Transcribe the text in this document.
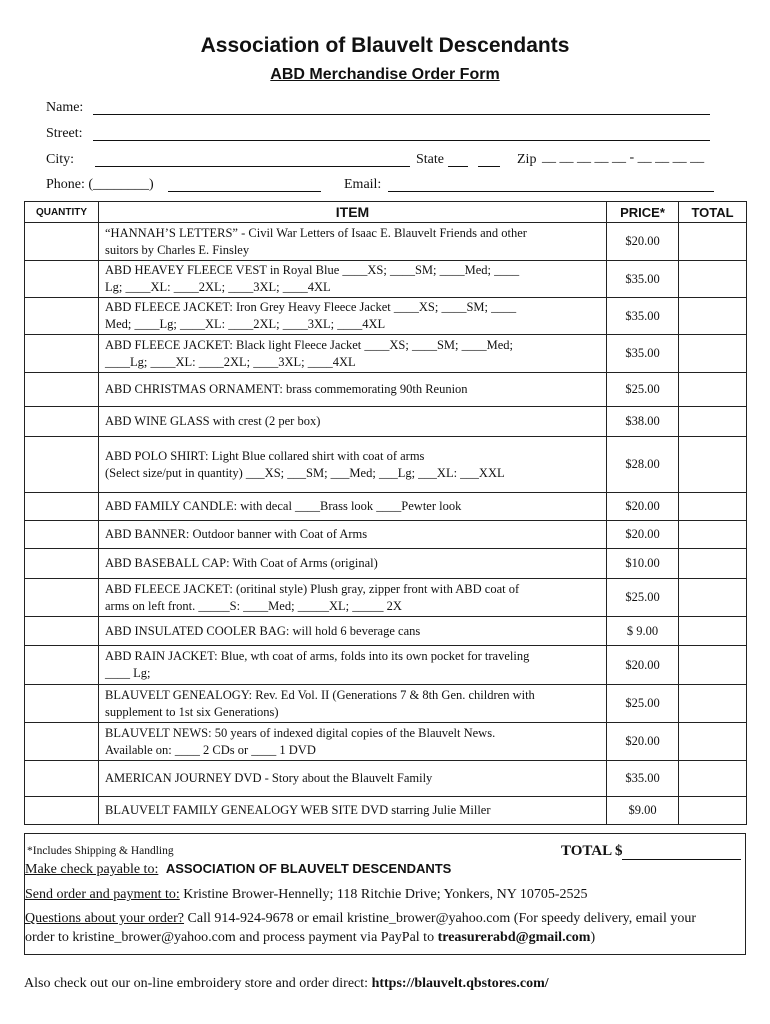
Association of Blauvelt Descendants
ABD Merchandise Order Form
Name:
Street:
City:	State	Zip __ __ __ __ __ - __ __ __ __
Phone: (________)	Email:
QUANTITY	ITEM	PRICE*	TOTAL
	“HANNAH’S LETTERS” - Civil War Letters of Isaac E. Blauvelt Friends and other
suitors by Charles E. Finsley	$20.00	
	ABD HEAVEY FLEECE VEST in Royal Blue ____XS; ____SM; ____Med; ____
Lg; ____XL: ____2XL; ____3XL; ____4XL	$35.00	
	ABD FLEECE JACKET: Iron Grey Heavy Fleece Jacket ____XS; ____SM; ____
Med; ____Lg; ____XL: ____2XL; ____3XL; ____4XL	$35.00	
	ABD FLEECE JACKET: Black light Fleece Jacket ____XS; ____SM; ____Med;
____Lg; ____XL: ____2XL; ____3XL; ____4XL	$35.00	
	ABD CHRISTMAS ORNAMENT: brass commemorating 90th Reunion	$25.00	
	ABD WINE GLASS with crest (2 per box)	$38.00	
	ABD POLO SHIRT: Light Blue collared shirt with coat of arms
(Select size/put in quantity) ___XS; ___SM; ___Med; ___Lg; ___XL: ___XXL	$28.00	
	ABD FAMILY CANDLE: with decal ____Brass look ____Pewter look	$20.00	
	ABD BANNER: Outdoor banner with Coat of Arms	$20.00	
	ABD BASEBALL CAP: With Coat of Arms (original)	$10.00	
	ABD FLEECE JACKET: (oritinal style) Plush gray, zipper front with ABD coat of
arms on left front. _____S: ____Med; _____XL; _____ 2X	$25.00	
	ABD INSULATED COOLER BAG: will hold 6 beverage cans	$ 9.00	
	ABD RAIN JACKET: Blue, wth coat of arms, folds into its own pocket for traveling
____ Lg;	$20.00	
	BLAUVELT GENEALOGY: Rev. Ed Vol. II (Generations 7 & 8th Gen. children with
supplement to 1st six Generations)	$25.00	
	BLAUVELT NEWS: 50 years of indexed digital copies of the Blauvelt News.
Available on: ____ 2 CDs or ____ 1 DVD	$20.00	
	AMERICAN JOURNEY DVD - Story about the Blauvelt Family	$35.00	
	BLAUVELT FAMILY GENEALOGY WEB SITE DVD starring Julie Miller	$9.00	
*Includes Shipping & Handling	TOTAL $
Make check payable to: ASSOCIATION OF BLAUVELT DESCENDANTS
Send order and payment to: Kristine Brower-Hennelly; 118 Ritchie Drive; Yonkers, NY 10705-2525
Questions about your order? Call 914-924-9678 or email kristine_brower@yahoo.com (For speedy delivery, email your
order to kristine_brower@yahoo.com and process payment via PayPal to treasurerabd@gmail.com)
Also check out our on-line embroidery store and order direct: https://blauvelt.qbstores.com/
